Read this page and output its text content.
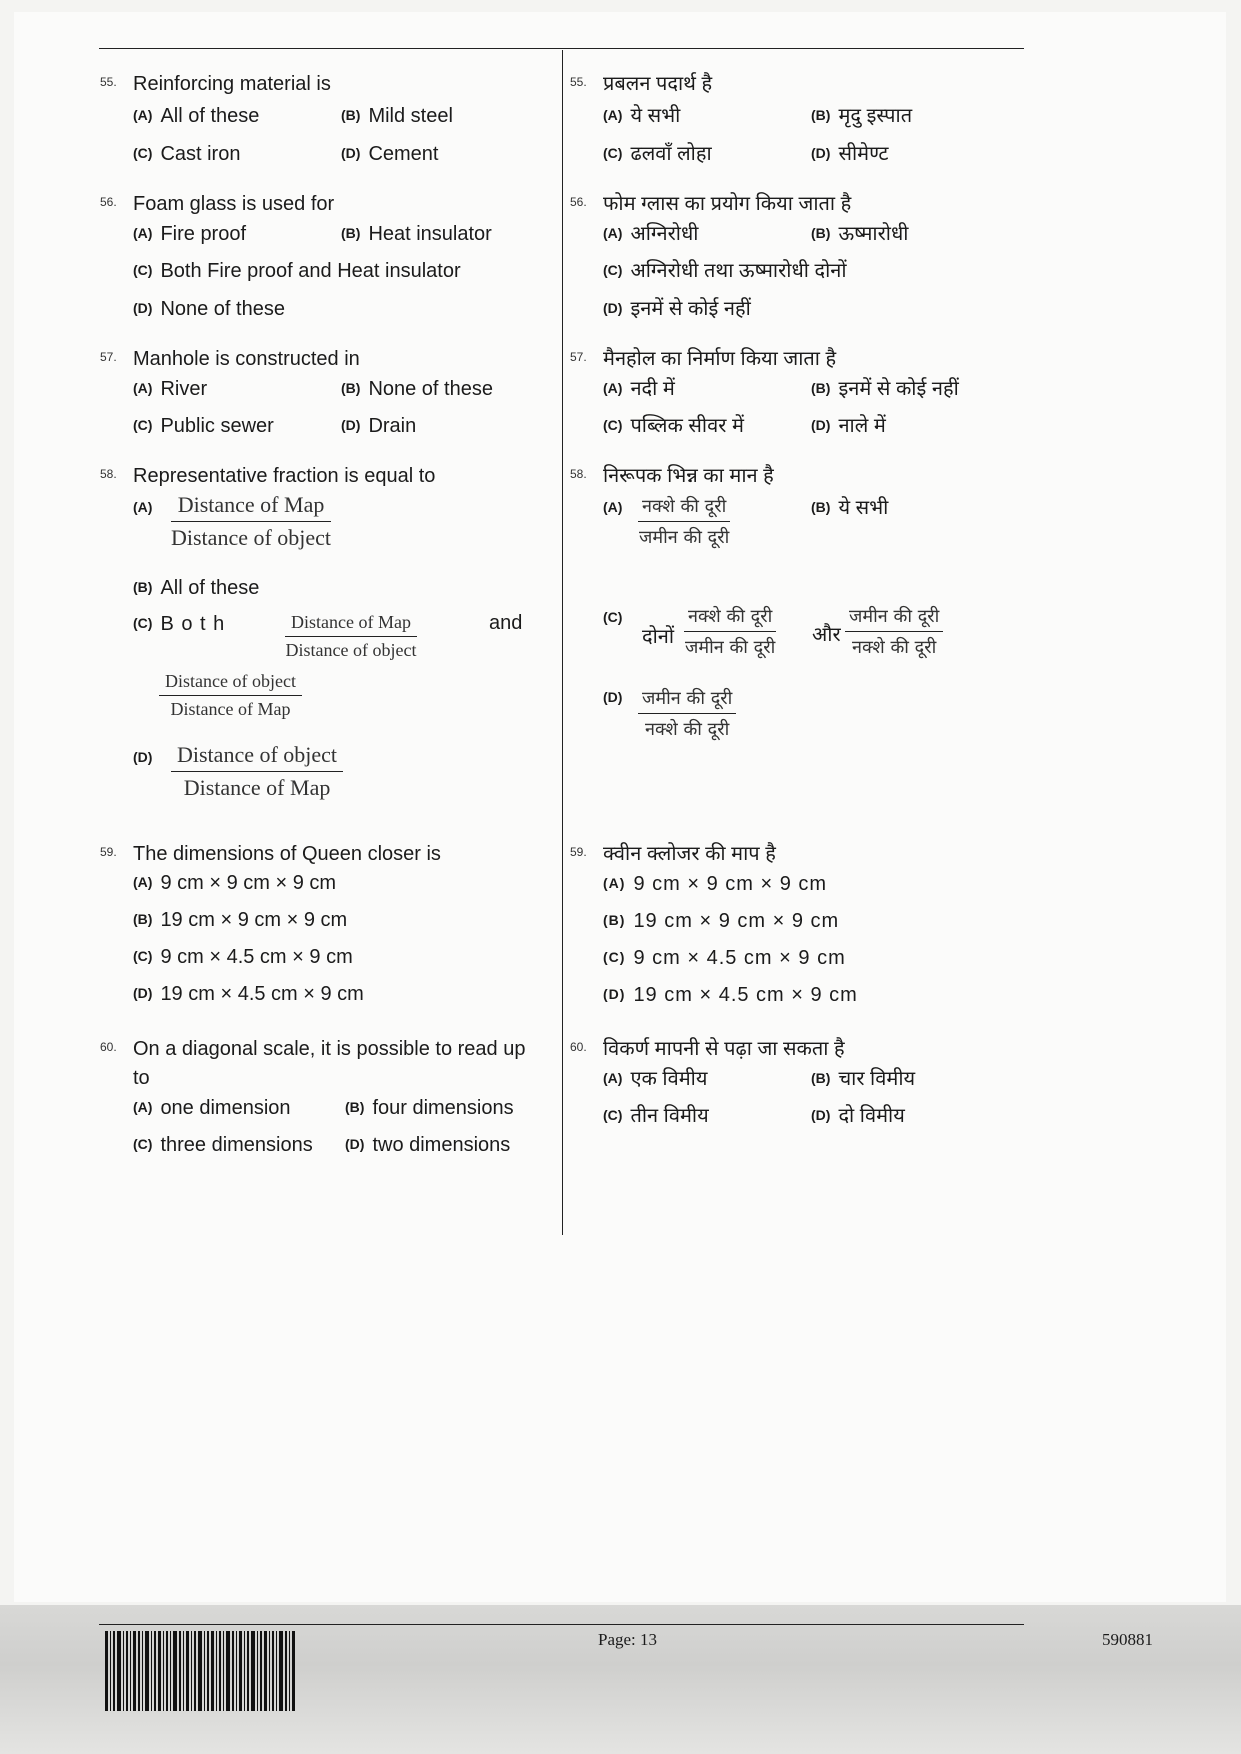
55. Reinforcing material is
(A) All of these	(B) Mild steel
(C) Cast iron	(D) Cement
56. Foam glass is used for
(A) Fire proof	(B) Heat insulator
(C) Both Fire proof and Heat insulator
(D) None of these
57. Manhole is constructed in
(A) River	(B) None of these
(C) Public sewer	(D) Drain
58. Representative fraction is equal to
(A)	Distance of Map
Distance of object
(B) All of these
(C) B o t h	Distance of Map
Distance of object
and
Distance of object
Distance of Map
(D)	Distance of object
Distance of Map
59. The dimensions of Queen closer is
(A) 9 cm × 9 cm × 9 cm
(B) 19 cm × 9 cm × 9 cm
(C) 9 cm × 4.5 cm × 9 cm
(D) 19 cm × 4.5 cm × 9 cm
60. On a diagonal scale, it is possible to read up
to
(A) one dimension	(B) four dimensions
(C) three dimensions (D) two dimensions
55. प्रबलन पदार्थ है
(A) ये सभी	(B) मृदु इस्पात
(C) ढलवाँ लोहा	(D) सीमेण्ट
56. फोम ग्लास का प्रयोग किया जाता है
(A) अग्निरोधी	(B) ऊष्मारोधी
(C) अग्निरोधी तथा ऊष्मारोधी दोनों
(D) इनमें से कोई नहीं
57. मैनहोल का निर्माण किया जाता है
(A) नदी में	(B) इनमें से कोई नहीं
(C) पब्लिक सीवर में	(D) नाले में
58. निरूपक भिन्न का मान है
(A)	नक्शे की दूरी
जमीन की दूरी
(B) ये सभी
(C)
दोनों
नक्शे की दूरी
जमीन की दूरी
और
जमीन की दूरी
नक्शे की दूरी
(D)	जमीन की दूरी
नक्शे की दूरी
59. क्वीन क्लोजर की माप है
(A) 9 cm × 9 cm × 9 cm
(B) 19 cm × 9 cm × 9 cm
(C) 9 cm × 4.5 cm × 9 cm
(D) 19 cm × 4.5 cm × 9 cm
60. विकर्ण मापनी से पढ़ा जा सकता है
(A) एक विमीय	(B) चार विमीय
(C) तीन विमीय	(D) दो विमीय
Page: 13	590881
